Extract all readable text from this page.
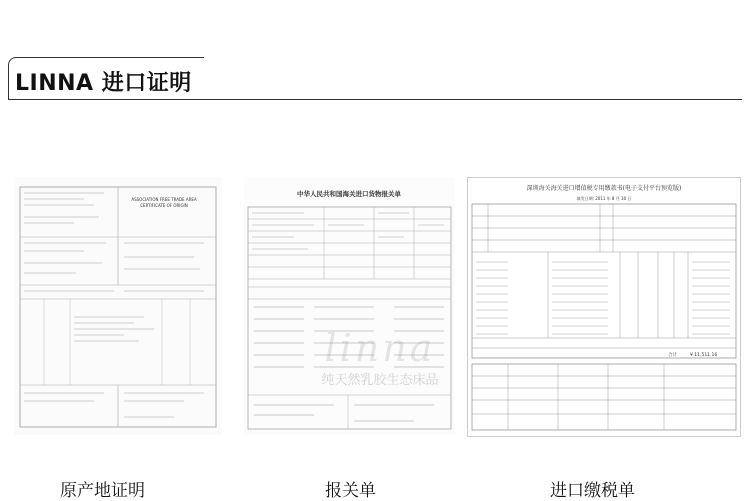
LINNA 进口证明
ASSOCIATION FREE TRADE AREA
CERTIFICATE OF ORIGIN
中华人民共和国海关进口货物报关单
深圳海关海关进口增值税专用缴款书(电子支付平台预览版)
填发日期: 2011 年 8 月 30 日
合计	¥ 11,511.16
纯天然乳胶生态床品
原产地证明	报关单	进口缴税单
